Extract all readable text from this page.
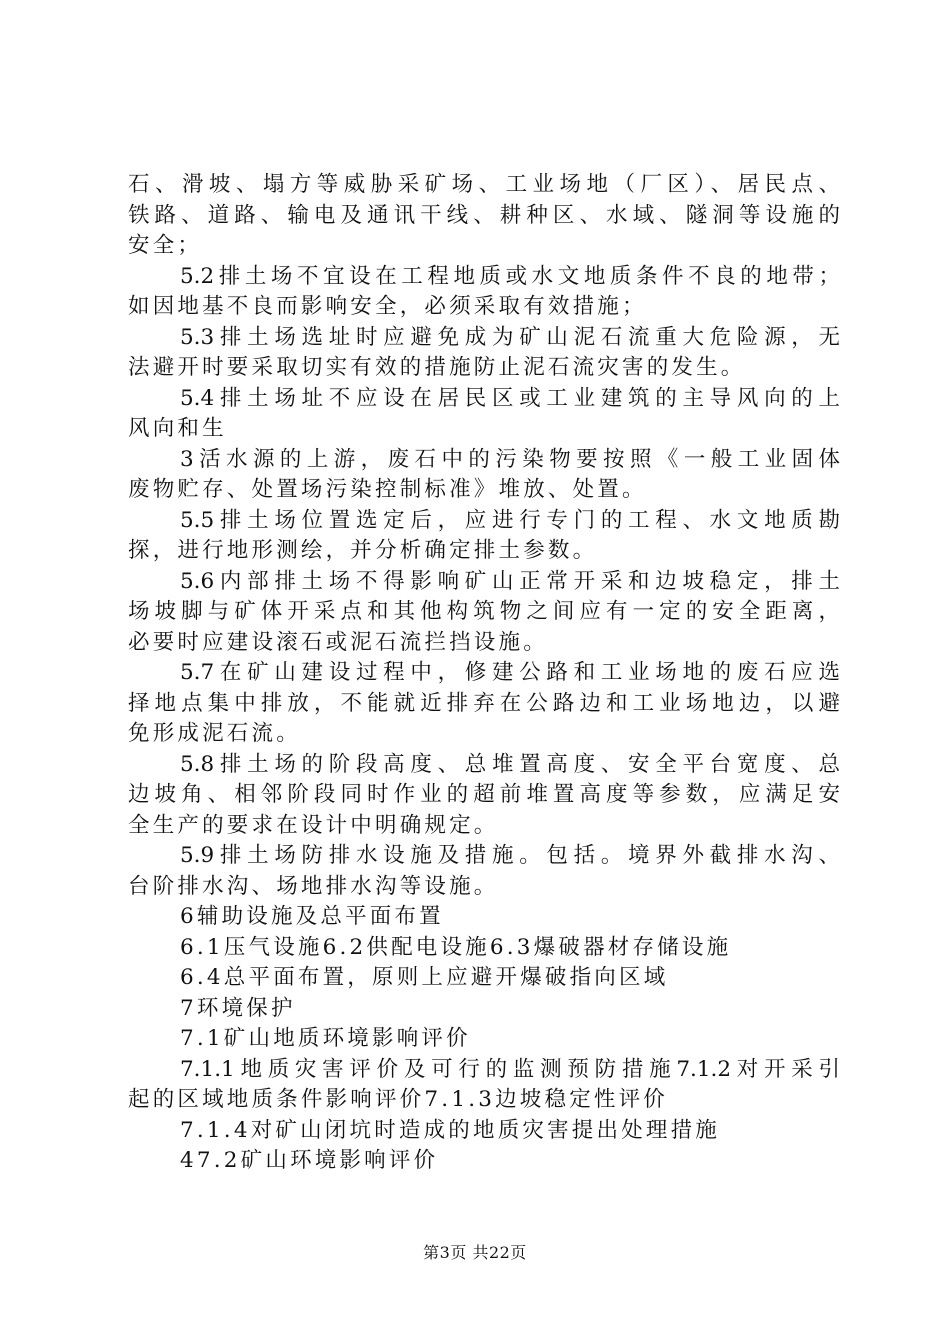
石、滑坡、塌方等威胁采矿场、工业场地（厂区）、居民点、
铁路、道路、输电及通讯干线、耕种区、水域、隧洞等设施的
安全；
5.2排土场不宜设在工程地质或水文地质条件不良的地带；
如因地基不良而影响安全，必须采取有效措施；
5.3排土场选址时应避免成为矿山泥石流重大危险源，无
法避开时要采取切实有效的措施防止泥石流灾害的发生。
5.4排土场址不应设在居民区或工业建筑的主导风向的上
风向和生
3活水源的上游，废石中的污染物要按照《一般工业固体
废物贮存、处置场污染控制标准》堆放、处置。
5.5排土场位置选定后，应进行专门的工程、水文地质勘
探，进行地形测绘，并分析确定排土参数。
5.6内部排土场不得影响矿山正常开采和边坡稳定，排土
场坡脚与矿体开采点和其他构筑物之间应有一定的安全距离，
必要时应建设滚石或泥石流拦挡设施。
5.7在矿山建设过程中，修建公路和工业场地的废石应选
择地点集中排放，不能就近排弃在公路边和工业场地边，以避
免形成泥石流。
5.8排土场的阶段高度、总堆置高度、安全平台宽度、总
边坡角、相邻阶段同时作业的超前堆置高度等参数，应满足安
全生产的要求在设计中明确规定。
5.9排土场防排水设施及措施。包括。境界外截排水沟、
台阶排水沟、场地排水沟等设施。
6辅助设施及总平面布置
6.1压气设施6.2供配电设施6.3爆破器材存储设施
6.4总平面布置，原则上应避开爆破指向区域
7环境保护
7.1矿山地质环境影响评价
7.1.1地质灾害评价及可行的监测预防措施7.1.2对开采引
起的区域地质条件影响评价7.1.3边坡稳定性评价
7.1.4对矿山闭坑时造成的地质灾害提出处理措施
47.2矿山环境影响评价
第3页 共22页
